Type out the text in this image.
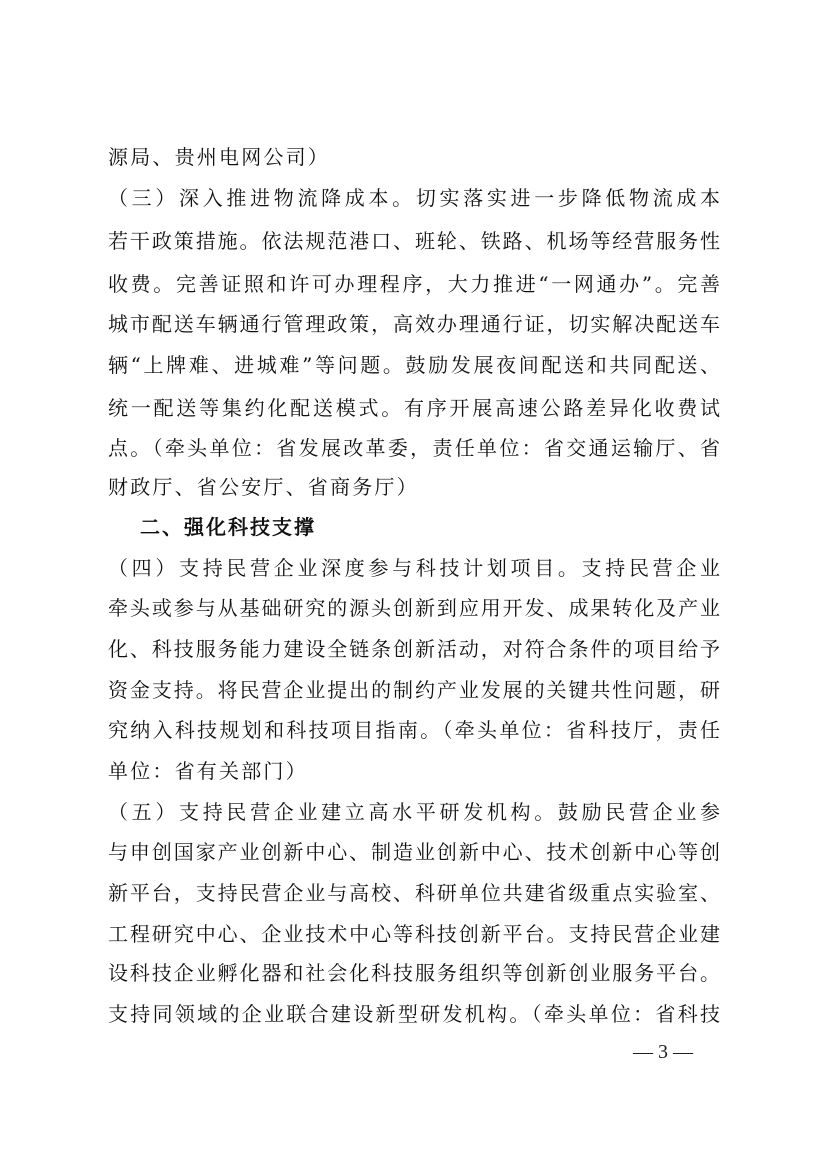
源局、贵州电网公司）
（三）深入推进物流降成本。切实落实进一步降低物流成本
若干政策措施。依法规范港口、班轮、铁路、机场等经营服务性
收费。完善证照和许可办理程序，大力推进“一网通办”。完善
城市配送车辆通行管理政策，高效办理通行证，切实解决配送车
辆“上牌难、进城难”等问题。鼓励发展夜间配送和共同配送、
统一配送等集约化配送模式。有序开展高速公路差异化收费试
点。（牵头单位：省发展改革委，责任单位：省交通运输厅、省
财政厅、省公安厅、省商务厅）
二、强化科技支撑
（四）支持民营企业深度参与科技计划项目。支持民营企业
牵头或参与从基础研究的源头创新到应用开发、成果转化及产业
化、科技服务能力建设全链条创新活动，对符合条件的项目给予
资金支持。将民营企业提出的制约产业发展的关键共性问题，研
究纳入科技规划和科技项目指南。（牵头单位：省科技厅，责任
单位：省有关部门）
（五）支持民营企业建立高水平研发机构。鼓励民营企业参
与申创国家产业创新中心、制造业创新中心、技术创新中心等创
新平台，支持民营企业与高校、科研单位共建省级重点实验室、
工程研究中心、企业技术中心等科技创新平台。支持民营企业建
设科技企业孵化器和社会化科技服务组织等创新创业服务平台。
支持同领域的企业联合建设新型研发机构。（牵头单位：省科技
— 3 —
